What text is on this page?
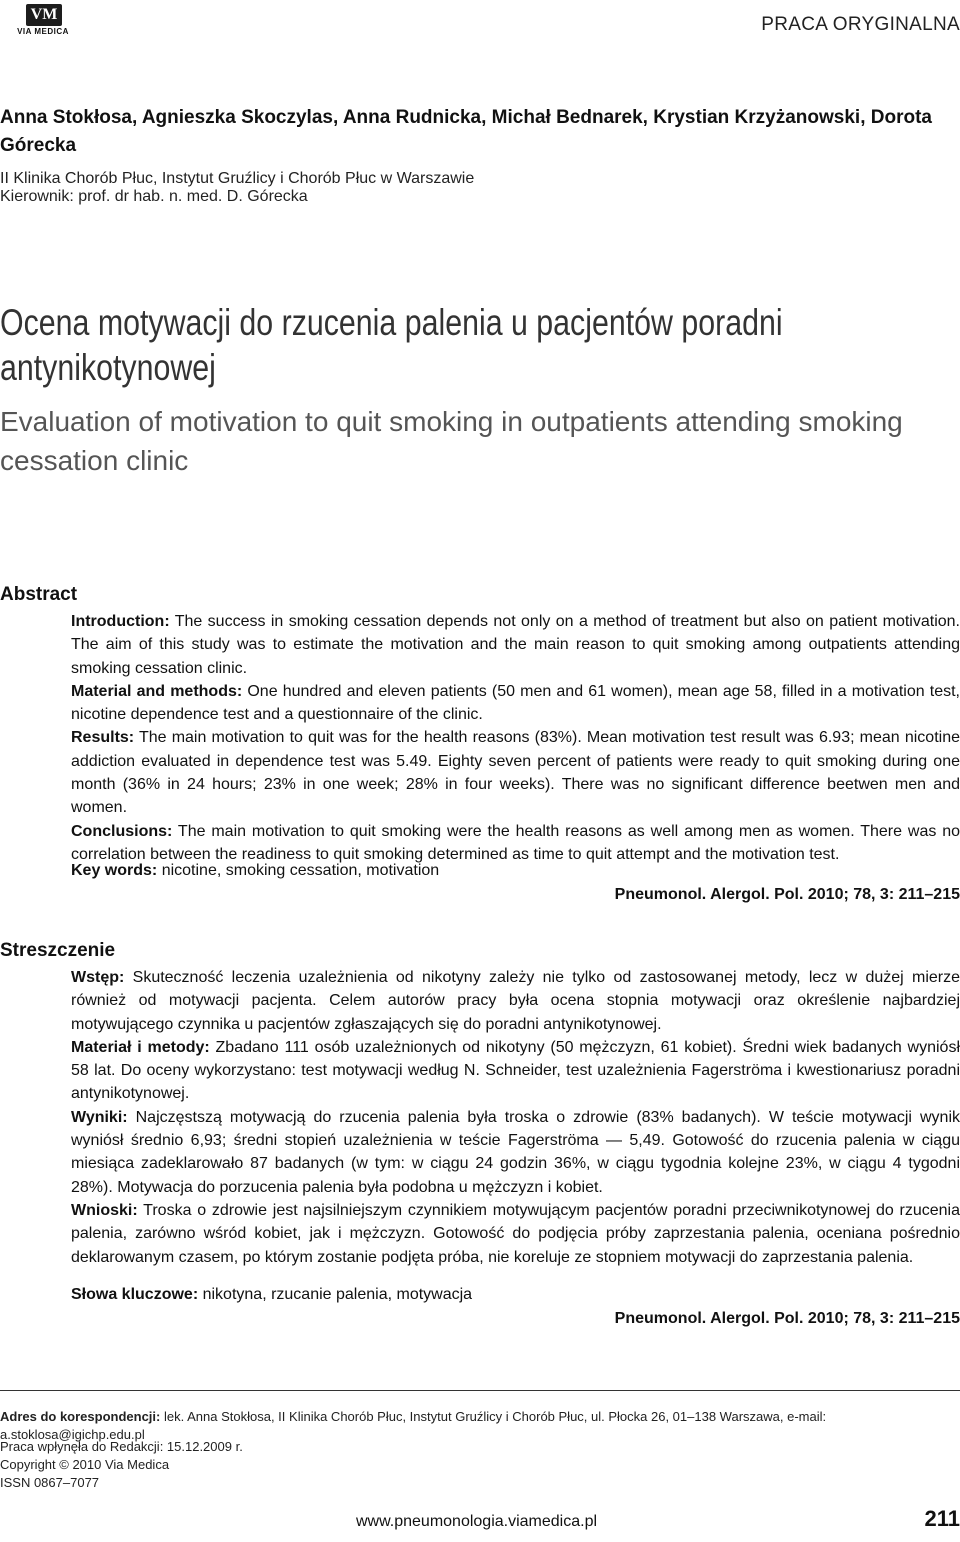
VM
VIA MEDICA	PRACA ORYGINALNA
Anna Stokłosa, Agnieszka Skoczylas, Anna Rudnicka, Michał Bednarek, Krystian Krzyżanowski, Dorota Górecka
II Klinika Chorób Płuc, Instytut Gruźlicy i Chorób Płuc w Warszawie
Kierownik: prof. dr hab. n. med. D. Górecka
Ocena motywacji do rzucenia palenia u pacjentów poradni antynikotynowej
Evaluation of motivation to quit smoking in outpatients attending smoking cessation clinic
Abstract

Introduction: The success in smoking cessation depends not only on a method of treatment but also on patient motivation. The aim of this study was to estimate the motivation and the main reason to quit smoking among outpatients attending smoking cessation clinic.

Material and methods: One hundred and eleven patients (50 men and 61 women), mean age 58, filled in a motivation test, nicotine dependence test and a questionnaire of the clinic.

Results: The main motivation to quit was for the health reasons (83%). Mean motivation test result was 6.93; mean nicotine addiction evaluated in dependence test was 5.49. Eighty seven percent of patients were ready to quit smoking during one month (36% in 24 hours; 23% in one week; 28% in four weeks). There was no significant difference beetwen men and women.

Conclusions: The main motivation to quit smoking were the health reasons as well among men as women. There was no correlation between the readiness to quit smoking determined as time to quit attempt and the motivation test.

Key words: nicotine, smoking cessation, motivation
Pneumonol. Alergol. Pol. 2010; 78, 3: 211–215
Streszczenie

Wstęp: Skuteczność leczenia uzależnienia od nikotyny zależy nie tylko od zastosowanej metody, lecz w dużej mierze również od motywacji pacjenta. Celem autorów pracy była ocena stopnia motywacji oraz określenie najbardziej motywującego czynnika u pacjentów zgłaszających się do poradni antynikotynowej.

Materiał i metody: Zbadano 111 osób uzależnionych od nikotyny (50 mężczyzn, 61 kobiet). Średni wiek badanych wyniósł 58 lat. Do oceny wykorzystano: test motywacji według N. Schneider, test uzależnienia Fagerströma i kwestionariusz poradni antynikotynowej.

Wyniki: Najczęstszą motywacją do rzucenia palenia była troska o zdrowie (83% badanych). W teście motywacji wynik wyniósł średnio 6,93; średni stopień uzależnienia w teście Fagerströma — 5,49. Gotowość do rzucenia palenia w ciągu miesiąca zadeklarowało 87 badanych (w tym: w ciągu 24 godzin 36%, w ciągu tygodnia kolejne 23%, w ciągu 4 tygodni 28%). Motywacja do porzucenia palenia była podobna u mężczyzn i kobiet.

Wnioski: Troska o zdrowie jest najsilniejszym czynnikiem motywującym pacjentów poradni przeciwnikotynowej do rzucenia palenia, zarówno wśród kobiet, jak i mężczyzn. Gotowość do podjęcia próby zaprzestania palenia, oceniana pośrednio deklarowanym czasem, po którym zostanie podjęta próba, nie koreluje ze stopniem motywacji do zaprzestania palenia.

Słowa kluczowe: nikotyna, rzucanie palenia, motywacja
Pneumonol. Alergol. Pol. 2010; 78, 3: 211–215
Adres do korespondencji: lek. Anna Stokłosa, II Klinika Chorób Płuc, Instytut Gruźlicy i Chorób Płuc, ul. Płocka 26, 01–138 Warszawa, e-mail: a.stoklosa@igichp.edu.pl
Praca wpłynęła do Redakcji: 15.12.2009 r.
Copyright © 2010 Via Medica
ISSN 0867–7077
www.pneumonologia.viamedica.pl	211
